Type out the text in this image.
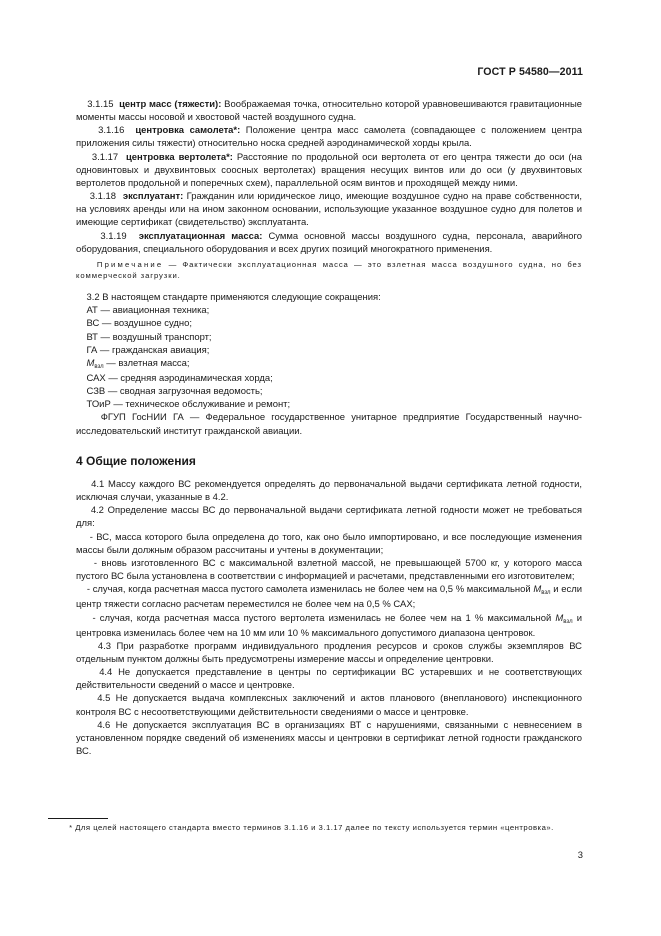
ГОСТ Р 54580—2011

3.1.15 центр масс (тяжести): Воображаемая точка, относительно которой уравновешиваются гравитационные моменты массы носовой и хвостовой частей воздушного судна.

3.1.16 центровка самолета*: Положение центра масс самолета (совпадающее с положением центра приложения силы тяжести) относительно носка средней аэродинамической хорды крыла.

3.1.17 центровка вертолета*: Расстояние по продольной оси вертолета от его центра тяжести до оси (на одновинтовых и двухвинтовых соосных вертолетах) вращения несущих винтов или до оси (у двухвинтовых вертолетов продольной и поперечных схем), параллельной осям винтов и проходящей между ними.

3.1.18 эксплуатант: Гражданин или юридическое лицо, имеющие воздушное судно на праве собственности, на условиях аренды или на ином законном основании, использующие указанное воздушное судно для полетов и имеющие сертификат (свидетельство) эксплуатанта.

3.1.19 эксплуатационная масса: Сумма основной массы воздушного судна, персонала, аварийного оборудования, специального оборудования и всех других позиций многократного применения.

Примечание — Фактически эксплуатационная масса — это взлетная масса воздушного судна, но без коммерческой загрузки.

3.2 В настоящем стандарте применяются следующие сокращения:

АТ — авиационная техника;

ВС — воздушное судно;

ВТ — воздушный транспорт;

ГА — гражданская авиация;

$M_{взл}$ — взлетная масса;

САХ — средняя аэродинамическая хорда;

СЗВ — сводная загрузочная ведомость;

ТОиР — техническое обслуживание и ремонт;

ФГУП ГосНИИ ГА — Федеральное государственное унитарное предприятие Государственный научно-исследовательский институт гражданской авиации.

4 Общие положения

4.1 Массу каждого ВС рекомендуется определять до первоначальной выдачи сертификата летной годности, исключая случаи, указанные в 4.2.

4.2 Определение массы ВС до первоначальной выдачи сертификата летной годности может не требоваться для:

- ВС, масса которого была определена до того, как оно было импортировано, и все последующие изменения массы были должным образом рассчитаны и учтены в документации;

- вновь изготовленного ВС с максимальной взлетной массой, не превышающей 5700 кг, у которого масса пустого ВС была установлена в соответствии с информацией и расчетами, представленными его изготовителем;

- случая, когда расчетная масса пустого самолета изменилась не более чем на 0,5 % максимальной $M_{взл}$ и если центр тяжести согласно расчетам переместился не более чем на 0,5 % САХ;

- случая, когда расчетная масса пустого вертолета изменилась не более чем на 1 % максимальной $M_{взл}$ и центровка изменилась более чем на 10 мм или 10 % максимального допустимого диапазона центровок.

4.3 При разработке программ индивидуального продления ресурсов и сроков службы экземпляров ВС отдельным пунктом должны быть предусмотрены измерение массы и определение центровки.

4.4 Не допускается представление в центры по сертификации ВС устаревших и не соответствующих действительности сведений о массе и центровке.

4.5 Не допускается выдача комплексных заключений и актов планового (внепланового) инспекционного контроля ВС с несоответствующими действительности сведениями о массе и центровке.

4.6 Не допускается эксплуатация ВС в организациях ВТ с нарушениями, связанными с невнесением в установленном порядке сведений об изменениях массы и центровки в сертификат летной годности гражданского ВС.

* Для целей настоящего стандарта вместо терминов 3.1.16 и 3.1.17 далее по тексту используется термин «центровка».
3
